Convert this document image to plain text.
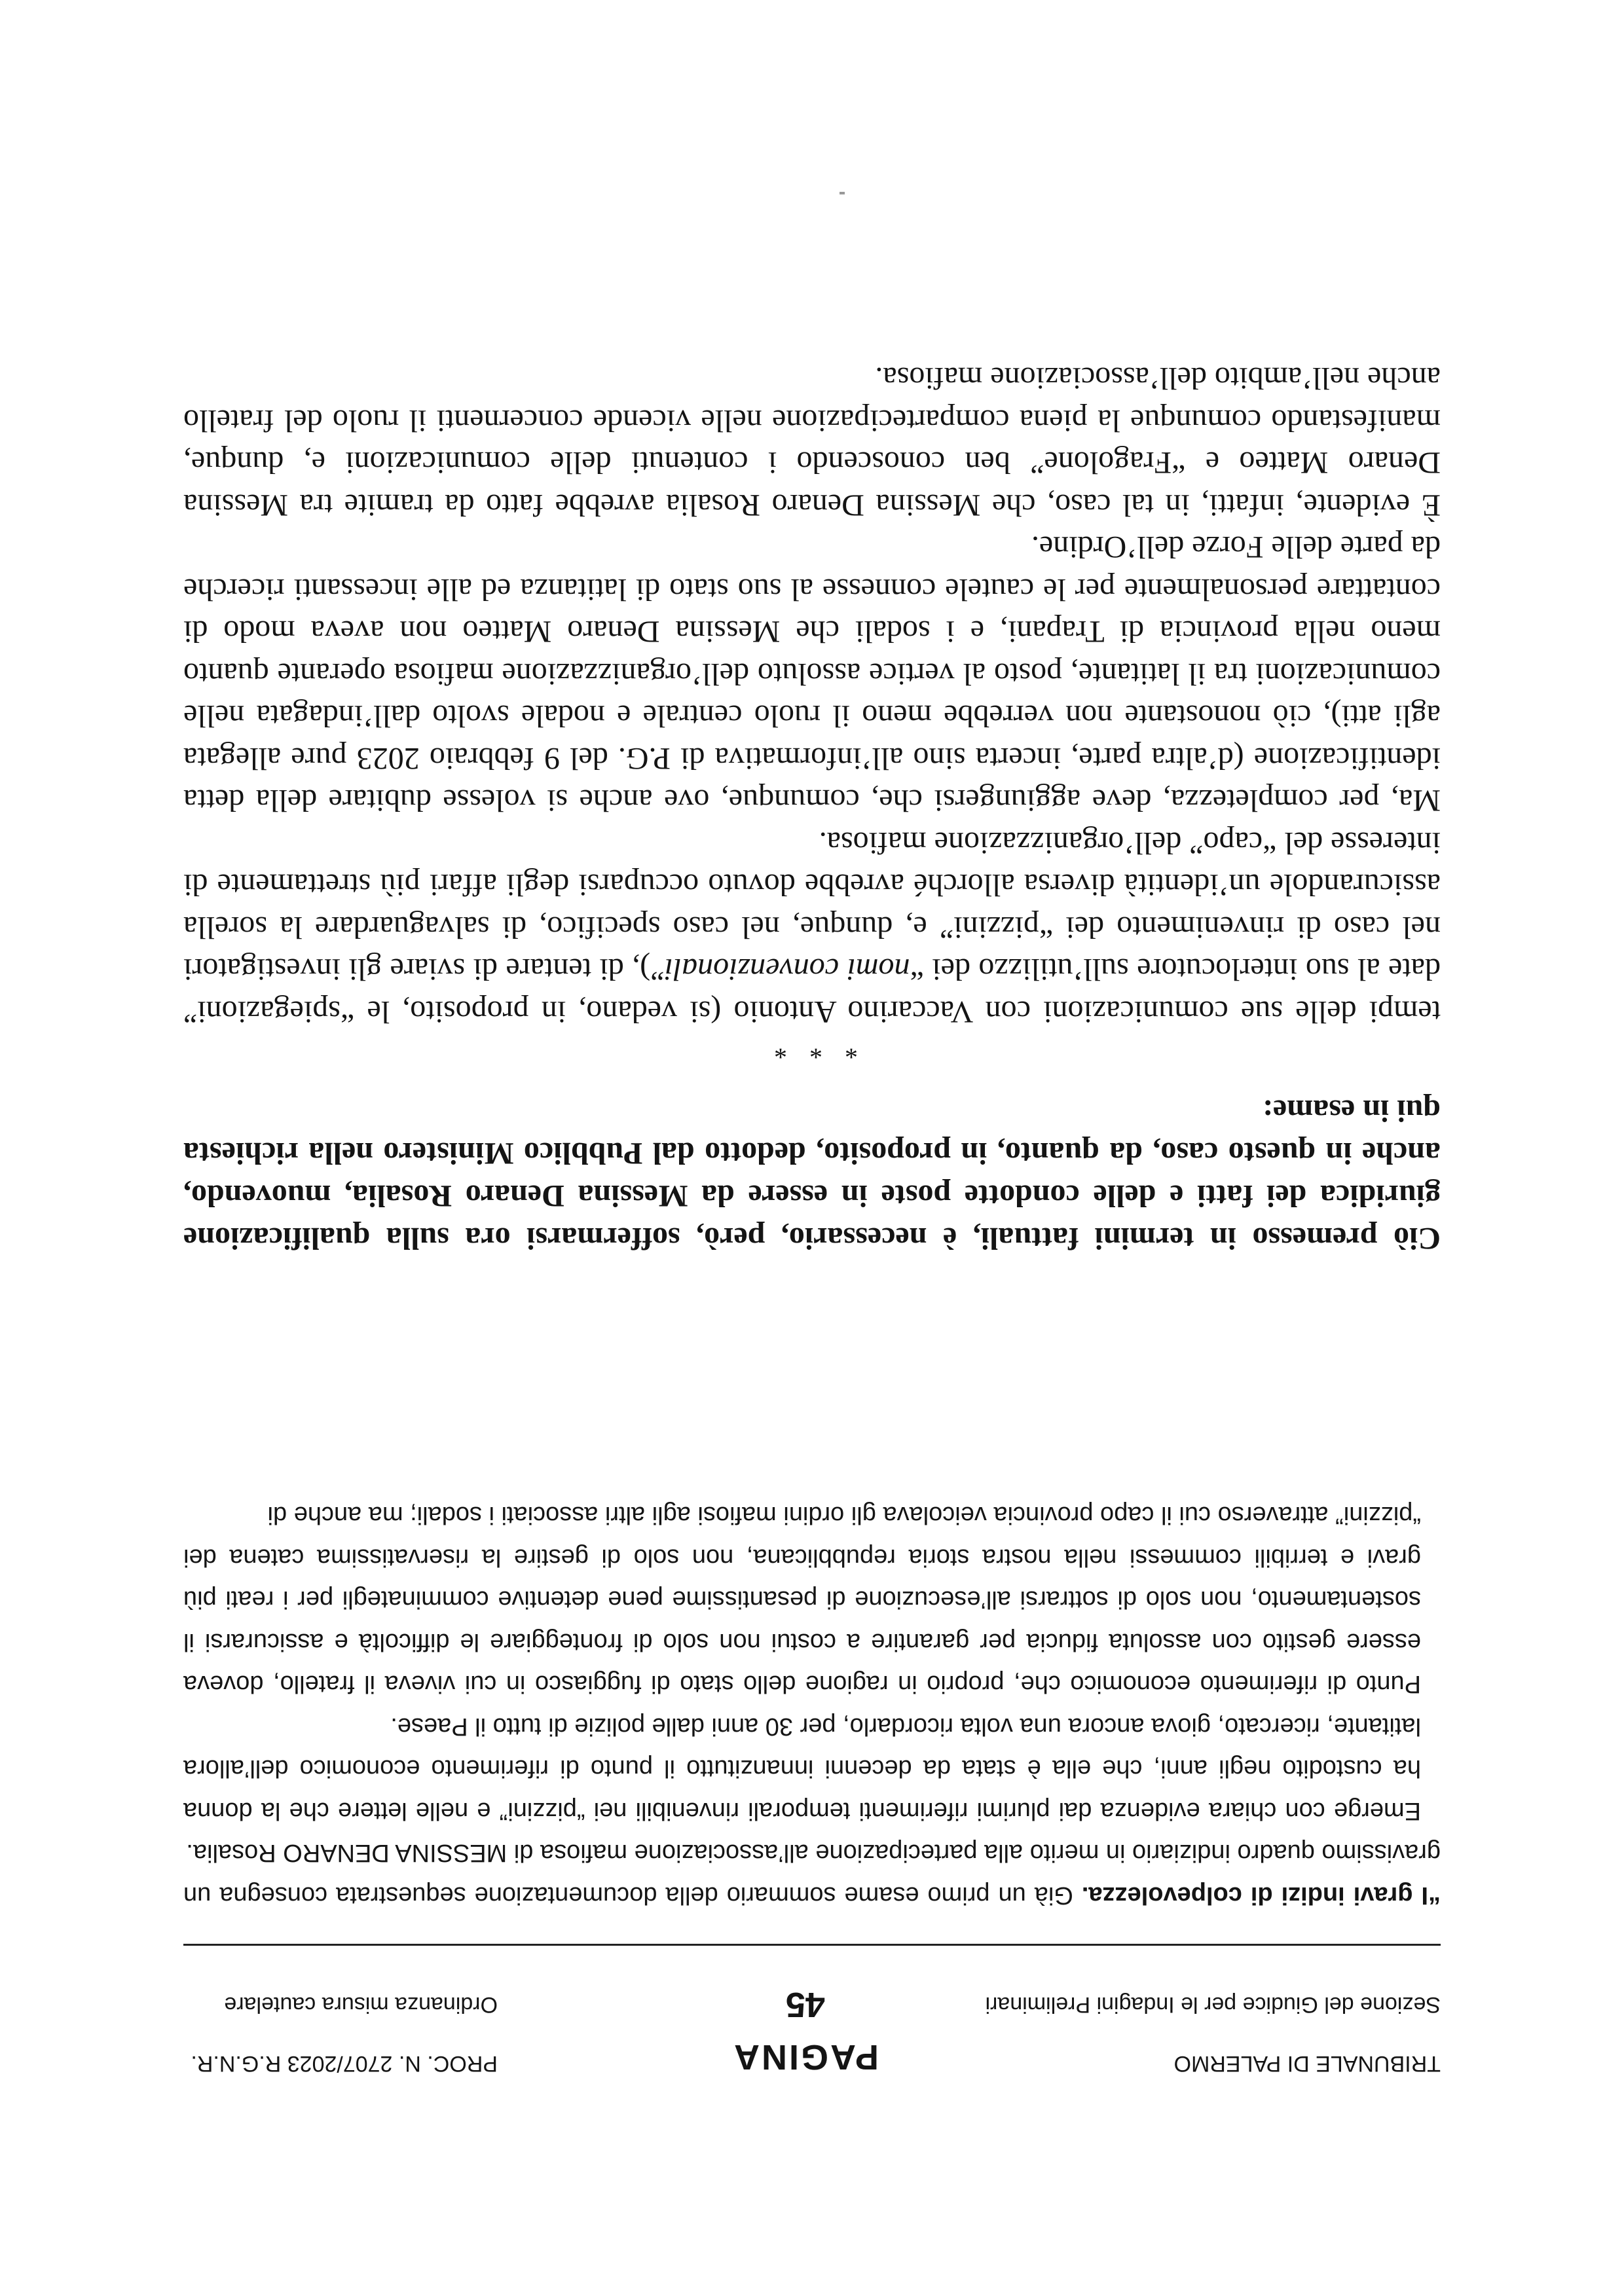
TRIBUNALE DI PALERMO
Sezione del Giudice per le Indagini Preliminari
PAGINA
45
PROC. N. 2707/2023 R.G.N.R.
Ordinanza misura cautelare

“I gravi indizi di colpevolezza. Già un primo esame sommario della documentazione sequestrata consegna un gravissimo quadro indiziario in merito alla partecipazione all’associazione mafiosa di MESSINA DENARO Rosalia.

Emerge con chiara evidenza dai plurimi riferimenti temporali rinvenibili nei “pizzini” e nelle lettere che la donna ha custodito negli anni, che ella è stata da decenni innanzitutto il punto di riferimento economico dell’allora latitante, ricercato, giova ancora una volta ricordarlo, per 30 anni dalle polizie di tutto il Paese.

Punto di riferimento economico che, proprio in ragione dello stato di fuggiasco in cui viveva il fratello, doveva essere gestito con assoluta fiducia per garantire a costui non solo di fronteggiare le difficoltà e assicurarsi il sostentamento, non solo di sottrarsi all’esecuzione di pesantissime pene detentive comminategli per i reati più gravi e terribili commessi nella nostra storia repubblicana, non solo di gestire la riservatissima catena dei “pizzini” attraverso cui il capo provincia veicolava gli ordini mafiosi agli altri associati i sodali; ma anche di

Ciò premesso in termini fattuali, è necessario, però, soffermarsi ora sulla qualificazione giuridica dei fatti e delle condotte poste in essere da Messina Denaro Rosalia, muovendo, anche in questo caso, da quanto, in proposito, dedotto dal Pubblico Ministero nella richiesta qui in esame:

* * *

tempi delle sue comunicazioni con Vaccarino Antonio (si vedano, in proposito, le “spiegazioni” date al suo interlocutore sull’utilizzo dei “nomi convenzionali”), di tentare di sviare gli investigatori nel caso di rinvenimento dei “pizzini” e, dunque, nel caso specifico, di salvaguardare la sorella assicurandole un’identità diversa allorché avrebbe dovuto occuparsi degli affari più strettamente di interesse del “capo” dell’organizzazione mafiosa.

Ma, per completezza, deve aggiungersi che, comunque, ove anche si volesse dubitare della detta identificazione (d’altra parte, incerta sino all’informativa di P.G. del 9 febbraio 2023 pure allegata agli atti), ciò nonostante non verrebbe meno il ruolo centrale e nodale svolto dall’indagata nelle comunicazioni tra il latitante, posto al vertice assoluto dell’organizzazione mafiosa operante quanto meno nella provincia di Trapani, e i sodali che Messina Denaro Matteo non aveva modo di contattare personalmente per le cautele connesse al suo stato di latitanza ed alle incessanti ricerche da parte delle Forze dell’Ordine.

È evidente, infatti, in tal caso, che Messina Denaro Rosalia avrebbe fatto da tramite tra Messina Denaro Matteo e “Fragolone” ben conoscendo i contenuti delle comunicazioni e, dunque, manifestando comunque la piena compartecipazione nelle vicende concernenti il ruolo del fratello anche nell’ambito dell’associazione mafiosa.
